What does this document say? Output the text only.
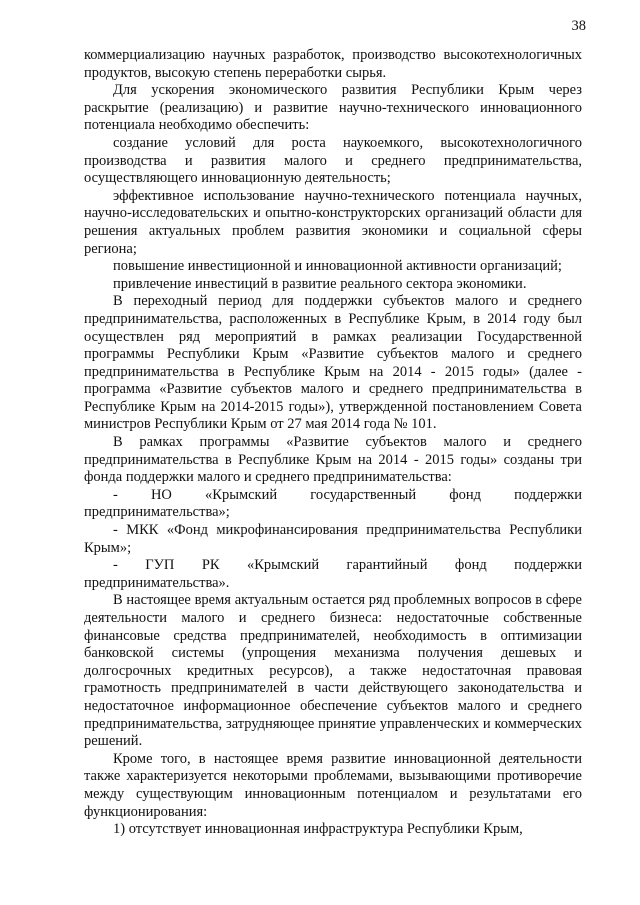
38

коммерциализацию научных разработок, производство высокотехнологичных продуктов, высокую степень переработки сырья.

Для ускорения экономического развития Республики Крым через раскрытие (реализацию) и развитие научно-технического инновационного потенциала необходимо обеспечить:

создание условий для роста наукоемкого, высокотехнологичного производства и развития малого и среднего предпринимательства, осуществляющего инновационную деятельность;

эффективное использование научно-технического потенциала научных, научно-исследовательских и опытно-конструкторских организаций области для решения актуальных проблем развития экономики и социальной сферы региона;

повышение инвестиционной и инновационной активности организаций;

привлечение инвестиций в развитие реального сектора экономики.

В переходный период для поддержки субъектов малого и среднего предпринимательства, расположенных в Республике Крым, в 2014 году был осуществлен ряд мероприятий в рамках реализации Государственной программы Республики Крым «Развитие субъектов малого и среднего предпринимательства в Республике Крым на 2014 - 2015 годы» (далее - программа «Развитие субъектов малого и среднего предпринимательства в Республике Крым на 2014-2015 годы»), утвержденной постановлением Совета министров Республики Крым от 27 мая 2014 года № 101.

В рамках программы «Развитие субъектов малого и среднего предпринимательства в Республике Крым на 2014 - 2015 годы» созданы три фонда поддержки малого и среднего предпринимательства:

- НО «Крымский государственный фонд поддержки предпринимательства»;

- МКК «Фонд микрофинансирования предпринимательства Республики Крым»;

- ГУП РК «Крымский гарантийный фонд поддержки предпринимательства».

В настоящее время актуальным остается ряд проблемных вопросов в сфере деятельности малого и среднего бизнеса: недостаточные собственные финансовые средства предпринимателей, необходимость в оптимизации банковской системы (упрощения механизма получения дешевых и долгосрочных кредитных ресурсов), а также недостаточная правовая грамотность предпринимателей в части действующего законодательства и недостаточное информационное обеспечение субъектов малого и среднего предпринимательства, затрудняющее принятие управленческих и коммерческих решений.

Кроме того, в настоящее время развитие инновационной деятельности также характеризуется некоторыми проблемами, вызывающими противоречие между существующим инновационным потенциалом и результатами его функционирования:

1) отсутствует инновационная инфраструктура Республики Крым,
